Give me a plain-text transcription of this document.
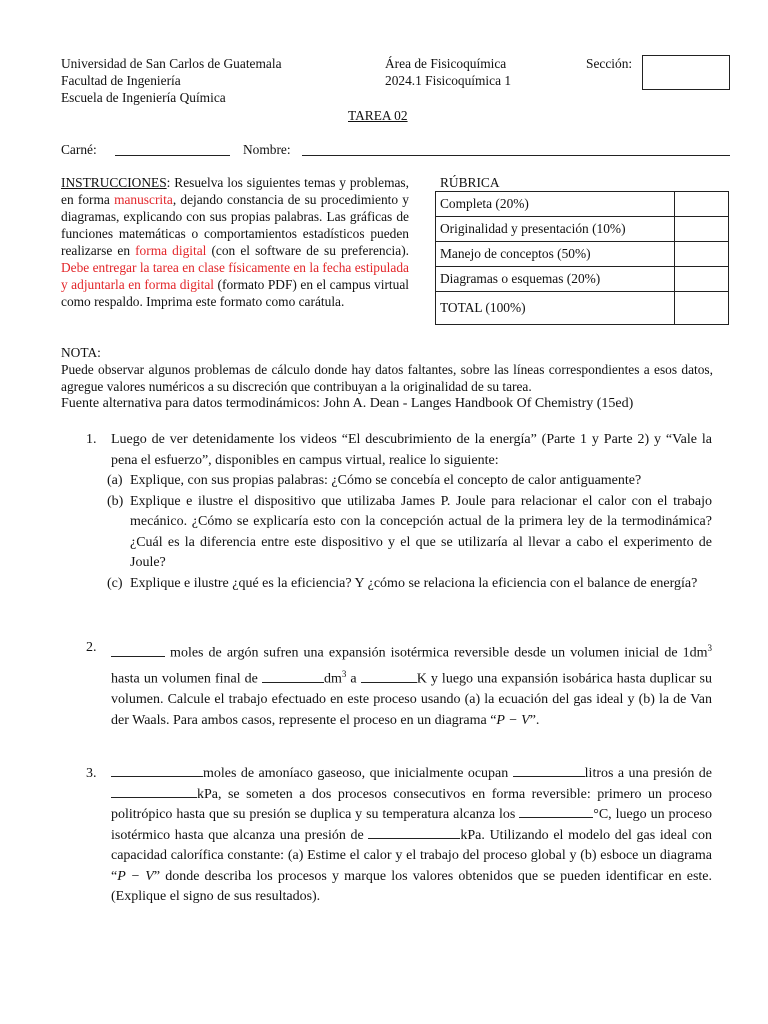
Universidad de San Carlos de Guatemala
Facultad de Ingeniería
Escuela de Ingeniería Química
Área de Fisicoquímica
2024.1 Fisicoquímica 1
Sección:
TAREA 02
Carné:	Nombre:
INSTRUCCIONES: Resuelva los siguientes temas y problemas, en forma manuscrita, dejando constancia de su procedimiento y diagramas, explicando con sus propias palabras. Las gráficas de funciones matemáticas o comportamientos estadísticos pueden realizarse en forma digital (con el software de su preferencia). Debe entregar la tarea en clase físicamente en la fecha estipulada y adjuntarla en forma digital (formato PDF) en el campus virtual como respaldo. Imprima este formato como carátula.
RÚBRICA
Completa (20%)	
Originalidad y presentación (10%)	
Manejo de conceptos (50%)	
Diagramas o esquemas (20%)	
TOTAL (100%)	
NOTA:
Puede observar algunos problemas de cálculo donde hay datos faltantes, sobre las líneas correspondientes a esos datos, agregue valores numéricos a su discreción que contribuyan a la originalidad de su tarea.
Fuente alternativa para datos termodinámicos: John A. Dean - Langes Handbook Of Chemistry (15ed)
1. Luego de ver detenidamente los videos “El descubrimiento de la energía” (Parte 1 y Parte 2) y “Vale la pena el esfuerzo”, disponibles en campus virtual, realice lo siguiente:
(a) Explique, con sus propias palabras: ¿Cómo se concebía el concepto de calor antiguamente?
(b) Explique e ilustre el dispositivo que utilizaba James P. Joule para relacionar el calor con el trabajo mecánico. ¿Cómo se explicaría esto con la concepción actual de la primera ley de la termodinámica? ¿Cuál es la diferencia entre este dispositivo y el que se utilizaría al llevar a cabo el experimento de Joule?
(c) Explique e ilustre ¿qué es la eficiencia? Y ¿cómo se relaciona la eficiencia con el balance de energía?
2.	moles de argón sufren una expansión isotérmica reversible desde un volumen inicial de $1dm^3$ hasta un volumen final de	$dm^3$ a	K y luego una expansión isobárica hasta duplicar su volumen. Calcule el trabajo efectuado en este proceso usando (a) la ecuación del gas ideal y (b) la de Van der Waals. Para ambos casos, represente el proceso en un diagrama “P − V”.
3.	moles de amoníaco gaseoso, que inicialmente ocupan	litros a una presión de kPa, se someten a dos procesos consecutivos en forma reversible: primero un proceso politrópico hasta que su presión se duplica y su temperatura alcanza los	°C, luego un proceso isotérmico hasta que alcanza una presión de	kPa. Utilizando el modelo del gas ideal con capacidad calorífica constante: (a) Estime el calor y el trabajo del proceso global y (b) esboce un diagrama “P − V” donde describa los procesos y marque los valores obtenidos que se pueden identificar en este. (Explique el signo de sus resultados).
